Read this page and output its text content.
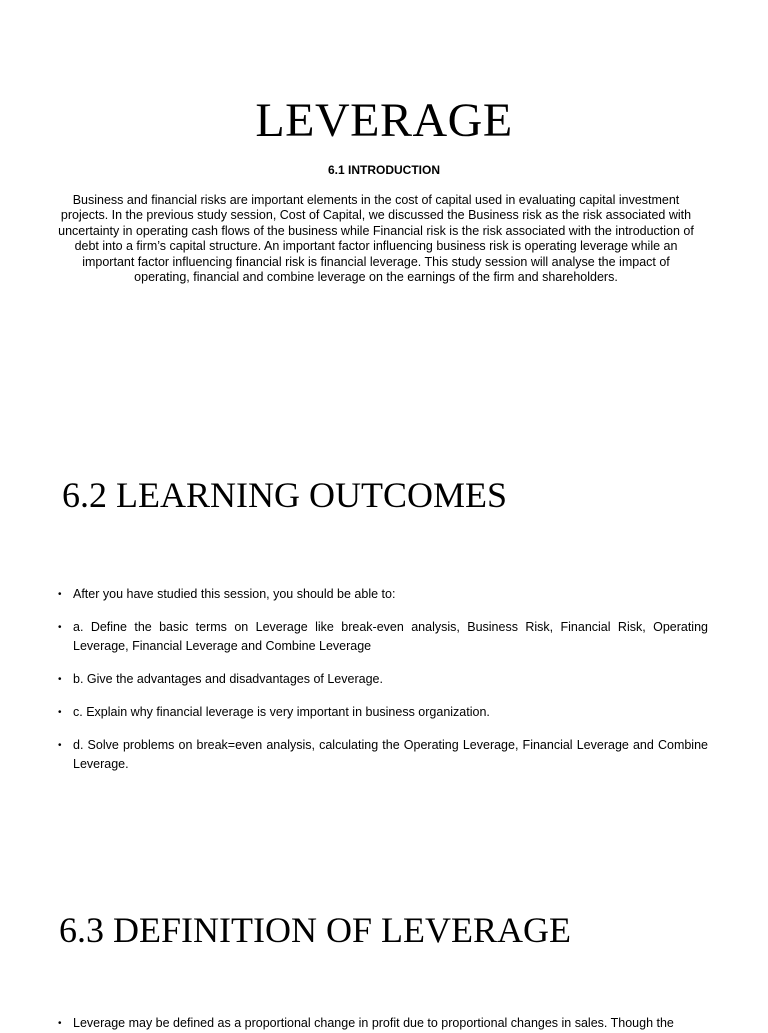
LEVERAGE
6.1 INTRODUCTION
Business and financial risks are important elements in the cost of capital used in evaluating capital investment projects. In the previous study session, Cost of Capital, we discussed the Business risk as the risk associated with uncertainty in operating cash flows of the business while Financial risk is the risk associated with the introduction of debt into a firm’s capital structure. An important factor influencing business risk is operating leverage while an important factor influencing financial risk is financial leverage. This study session will analyse the impact of operating, financial and combine leverage on the earnings of the firm and shareholders.
6.2 LEARNING OUTCOMES
• After you have studied this session, you should be able to:
• a. Define the basic terms on Leverage like break-even analysis, Business Risk, Financial Risk, Operating Leverage, Financial Leverage and Combine Leverage
• b. Give the advantages and disadvantages of Leverage.
• c. Explain why financial leverage is very important in business organization.
• d. Solve problems on break=even analysis, calculating the Operating Leverage, Financial Leverage and Combine Leverage.
6.3 DEFINITION OF LEVERAGE
• Leverage may be defined as a proportional change in profit due to proportional changes in sales. Though the
